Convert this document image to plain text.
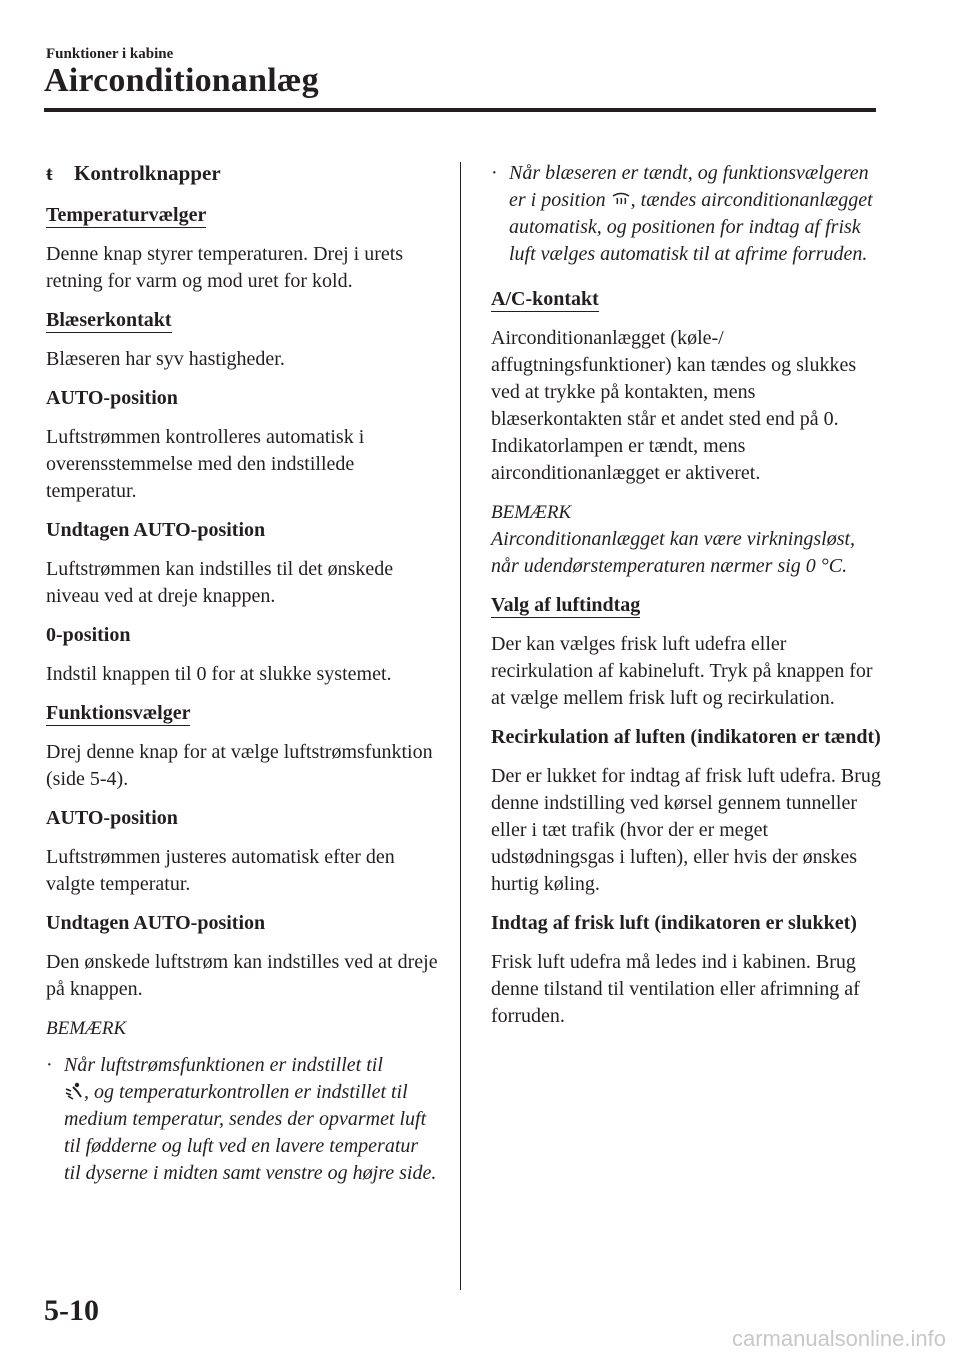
Funktioner i kabine
Airconditionanlæg
ŧ	Kontrolknapper
Temperaturvælger

Denne knap styrer temperaturen. Drej i urets retning for varm og mod uret for kold.

Blæserkontakt

Blæseren har syv hastigheder.

AUTO-position

Luftstrømmen kontrolleres automatisk i overensstemmelse med den indstillede temperatur.

Undtagen AUTO-position

Luftstrømmen kan indstilles til det ønskede niveau ved at dreje knappen.

0-position

Indstil knappen til 0 for at slukke systemet.

Funktionsvælger

Drej denne knap for at vælge luftstrømsfunktion (side 5-4).

AUTO-position

Luftstrømmen justeres automatisk efter den valgte temperatur.

Undtagen AUTO-position

Den ønskede luftstrøm kan indstilles ved at dreje på knappen.

BEMÆRK
· Når luftstrømsfunktionen er indstillet til
, og temperaturkontrollen er indstillet til medium temperatur, sendes der opvarmet luft til fødderne og luft ved en lavere temperatur til dyserne i midten samt venstre og højre side.
· Når blæseren er tændt, og funktionsvælgeren er i position , tændes airconditionanlægget automatisk, og positionen for indtag af frisk luft vælges automatisk til at afrime forruden.
A/C-kontakt

Airconditionanlægget (køle-/ affugtningsfunktioner) kan tændes og slukkes ved at trykke på kontakten, mens blæserkontakten står et andet sted end på 0.

Indikatorlampen er tændt, mens airconditionanlægget er aktiveret.

BEMÆRK

Airconditionanlægget kan være virkningsløst, når udendørstemperaturen nærmer sig 0 °C.

Valg af luftindtag

Der kan vælges frisk luft udefra eller recirkulation af kabineluft. Tryk på knappen for at vælge mellem frisk luft og recirkulation.

Recirkulation af luften (indikatoren er tændt)

Der er lukket for indtag af frisk luft udefra. Brug denne indstilling ved kørsel gennem tunneller eller i tæt trafik (hvor der er meget udstødningsgas i luften), eller hvis der ønskes hurtig køling.

Indtag af frisk luft (indikatoren er slukket)

Frisk luft udefra må ledes ind i kabinen. Brug denne tilstand til ventilation eller afrimning af forruden.

5-10
carmanualsonline.info
